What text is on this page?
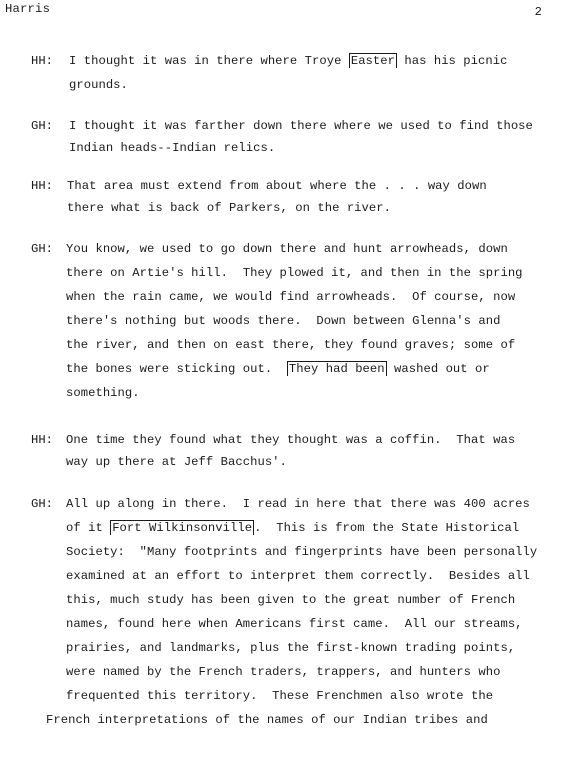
Harris	2
HH: I thought it was in there where Troye Easter has his picnic
grounds.
GH: I thought it was farther down there where we used to find those
Indian heads--Indian relics.
HH: That area must extend from about where the . . . way down
there what is back of Parkers, on the river.
GH: You know, we used to go down there and hunt arrowheads, down
there on Artie's hill.  They plowed it, and then in the spring
when the rain came, we would find arrowheads.  Of course, now
there's nothing but woods there.  Down between Glenna's and
the river, and then on east there, they found graves; some of
the bones were sticking out.  They had been washed out or
something.
HH: One time they found what they thought was a coffin.  That was
way up there at Jeff Bacchus'.
GH: All up along in there.  I read in here that there was 400 acres
of it Fort Wilkinsonville .  This is from the State Historical
Society:  "Many footprints and fingerprints have been personally
examined at an effort to interpret them correctly.  Besides all
this, much study has been given to the great number of French
names, found here when Americans first came.  All our streams,
prairies, and landmarks, plus the first-known trading points,
were named by the French traders, trappers, and hunters who
frequented this territory.  These Frenchmen also wrote the
French interpretations of the names of our Indian tribes and
